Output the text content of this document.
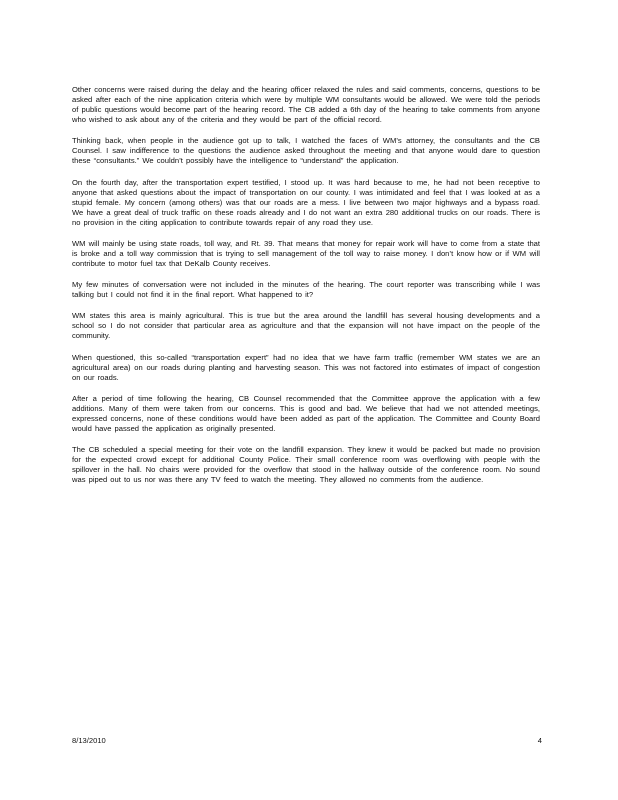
Other concerns were raised during the delay and the hearing officer relaxed the rules and said comments, concerns, questions to be asked after each of the nine application criteria which were by multiple WM consultants would be allowed. We were told the periods of public questions would become part of the hearing record. The CB added a 6th day of the hearing to take comments from anyone who wished to ask about any of the criteria and they would be part of the official record.

Thinking back, when people in the audience got up to talk, I watched the faces of WM’s attorney, the consultants and the CB Counsel. I saw indifference to the questions the audience asked throughout the meeting and that anyone would dare to question these “consultants.” We couldn’t possibly have the intelligence to “understand” the application.

On the fourth day, after the transportation expert testified, I stood up. It was hard because to me, he had not been receptive to anyone that asked questions about the impact of transportation on our county. I was intimidated and feel that I was looked at as a stupid female. My concern (among others) was that our roads are a mess. I live between two major highways and a bypass road. We have a great deal of truck traffic on these roads already and I do not want an extra 280 additional trucks on our roads. There is no provision in the citing application to contribute towards repair of any road they use.

WM will mainly be using state roads, toll way, and Rt. 39. That means that money for repair work will have to come from a state that is broke and a toll way commission that is trying to sell management of the toll way to raise money. I don’t know how or if WM will contribute to motor fuel tax that DeKalb County receives.

My few minutes of conversation were not included in the minutes of the hearing. The court reporter was transcribing while I was talking but I could not find it in the final report. What happened to it?

WM states this area is mainly agricultural. This is true but the area around the landfill has several housing developments and a school so I do not consider that particular area as agriculture and that the expansion will not have impact on the people of the community.

When questioned, this so-called “transportation expert” had no idea that we have farm traffic (remember WM states we are an agricultural area) on our roads during planting and harvesting season. This was not factored into estimates of impact of congestion on our roads.

After a period of time following the hearing, CB Counsel recommended that the Committee approve the application with a few additions. Many of them were taken from our concerns. This is good and bad. We believe that had we not attended meetings, expressed concerns, none of these conditions would have been added as part of the application. The Committee and County Board would have passed the application as originally presented.

The CB scheduled a special meeting for their vote on the landfill expansion. They knew it would be packed but made no provision for the expected crowd except for additional County Police. Their small conference room was overflowing with people with the spillover in the hall. No chairs were provided for the overflow that stood in the hallway outside of the conference room. No sound was piped out to us nor was there any TV feed to watch the meeting. They allowed no comments from the audience.

8/13/2010	4
